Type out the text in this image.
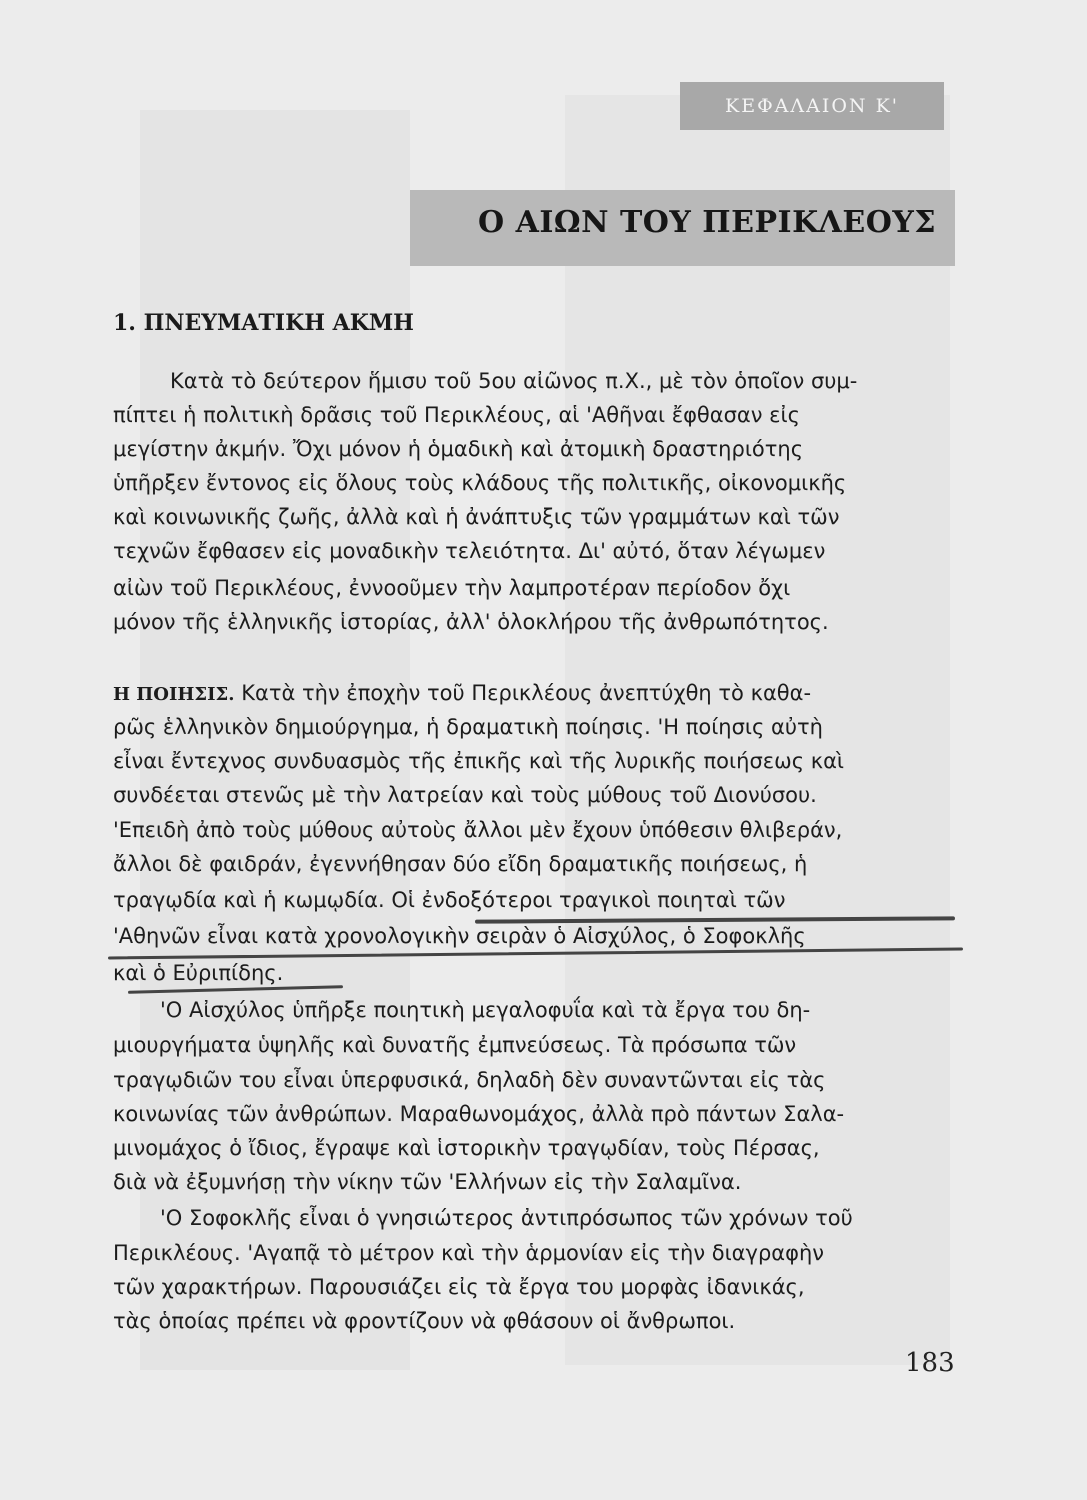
ΚΕΦΑΛΑΙΟΝ Κ'
Ο ΑΙΩΝ ΤΟΥ ΠΕΡΙΚΛΕΟΥΣ
1. ΠΝΕΥΜΑΤΙΚΗ ΑΚΜΗ
Κατὰ τὸ δεύτερον ἥμισυ τοῦ 5ου αἰῶνος π.Χ., μὲ τὸν ὁποῖον συμ-
πίπτει ἡ πολιτικὴ δρᾶσις τοῦ Περικλέους, αἱ 'Αθῆναι ἔφθασαν εἰς
μεγίστην ἀκμήν. Ὄχι μόνον ἡ ὁμαδικὴ καὶ ἀτομικὴ δραστηριότης
ὑπῆρξεν ἔντονος εἰς ὅλους τοὺς κλάδους τῆς πολιτικῆς, οἰκονομικῆς
καὶ κοινωνικῆς ζωῆς, ἀλλὰ καὶ ἡ ἀνάπτυξις τῶν γραμμάτων καὶ τῶν
τεχνῶν ἔφθασεν εἰς μοναδικὴν τελειότητα. Δι' αὐτό, ὅταν λέγωμεν
αἰὼν τοῦ Περικλέους, ἐννοοῦμεν τὴν λαμπροτέραν περίοδον ὄχι
μόνον τῆς ἑλληνικῆς ἱστορίας, ἀλλ' ὁλοκλήρου τῆς ἀνθρωπότητος.
Η ΠΟΙΗΣΙΣ. Κατὰ τὴν ἐποχὴν τοῦ Περικλέους ἀνεπτύχθη τὸ καθα-
ρῶς ἑλληνικὸν δημιούργημα, ἡ δραματικὴ ποίησις. 'Η ποίησις αὐτὴ
εἶναι ἔντεχνος συνδυασμὸς τῆς ἐπικῆς καὶ τῆς λυρικῆς ποιήσεως καὶ
συνδέεται στενῶς μὲ τὴν λατρείαν καὶ τοὺς μύθους τοῦ Διονύσου.
'Επειδὴ ἀπὸ τοὺς μύθους αὐτοὺς ἄλλοι μὲν ἔχουν ὑπόθεσιν θλιβεράν,
ἄλλοι δὲ φαιδράν, ἐγεννήθησαν δύο εἴδη δραματικῆς ποιήσεως, ἡ
τραγῳδία καὶ ἡ κωμῳδία. Οἱ ἐνδοξότεροι τραγικοὶ ποιηταὶ τῶν
'Αθηνῶν εἶναι κατὰ χρονολογικὴν σειρὰν ὁ Αἰσχύλος, ὁ Σοφοκλῆς
καὶ ὁ Εὐριπίδης.
'Ο Αἰσχύλος ὑπῆρξε ποιητικὴ μεγαλοφυΐα καὶ τὰ ἔργα του δη-
μιουργήματα ὑψηλῆς καὶ δυνατῆς ἐμπνεύσεως. Τὰ πρόσωπα τῶν
τραγῳδιῶν του εἶναι ὑπερφυσικά, δηλαδὴ δὲν συναντῶνται εἰς τὰς
κοινωνίας τῶν ἀνθρώπων. Μαραθωνομάχος, ἀλλὰ πρὸ πάντων Σαλα-
μινομάχος ὁ ἴδιος, ἔγραψε καὶ ἱστορικὴν τραγῳδίαν, τοὺς Πέρσας,
διὰ νὰ ἐξυμνήσῃ τὴν νίκην τῶν 'Ελλήνων εἰς τὴν Σαλαμῖνα.
'Ο Σοφοκλῆς εἶναι ὁ γνησιώτερος ἀντιπρόσωπος τῶν χρόνων τοῦ
Περικλέους. 'Αγαπᾷ τὸ μέτρον καὶ τὴν ἁρμονίαν εἰς τὴν διαγραφὴν
τῶν χαρακτήρων. Παρουσιάζει εἰς τὰ ἔργα του μορφὰς ἰδανικάς,
τὰς ὁποίας πρέπει νὰ φροντίζουν νὰ φθάσουν οἱ ἄνθρωποι.
183
